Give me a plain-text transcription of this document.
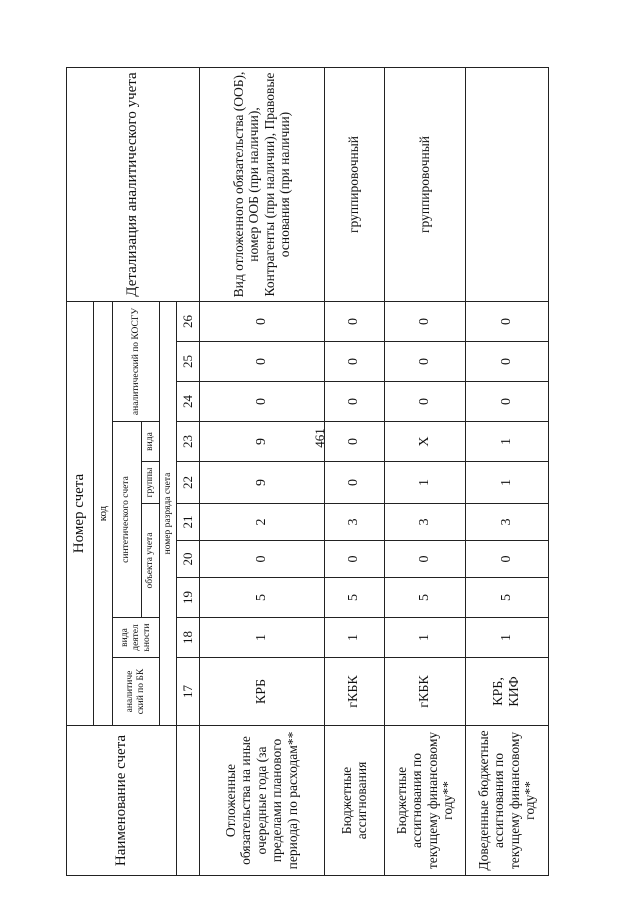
461
Наименование счета	Номер счета										Детализация аналитического учета
	код										
	аналитиче ский по БК	вида деятел ьности	синтетического счета					аналитический по КОСГУ			
			объекта учета			группы	вида				
	номер разряда счета										
	17	18	19	20	21	22	23	24	25	26	
Отложенные обязательства на иные очередные года (за пределами планового периода) по расходам**	КРБ	1	5	0	2	9	9	0	0	0	Вид отложенного обязательства (ООБ), номер ООБ (при наличии), Контрагенты (при наличии), Правовые основания (при наличии)
Бюджетные ассигнования	гКБК	1	5	0	3	0	0	0	0	0	группировочный
Бюджетные ассигнования по текущему финансовому году**	гКБК	1	5	0	3	1	Х	0	0	0	группировочный
Доведенные бюджетные ассигнования по текущему финансовому году**	КРБ, КИФ	1	5	0	3	1	1	0	0	0	
